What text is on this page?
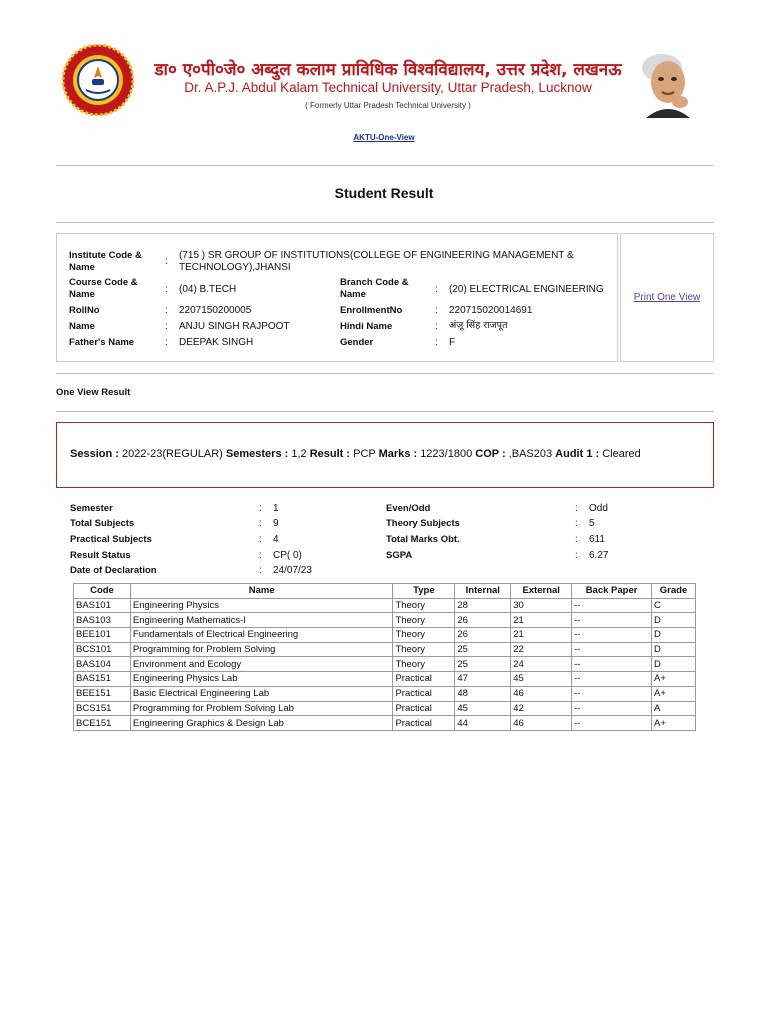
डा० ए०पी०जे० अब्दुल कलाम प्राविधिक विश्वविद्यालय, उत्तर प्रदेश, लखनऊ
Dr. A.P.J. Abdul Kalam Technical University, Uttar Pradesh, Lucknow
( Formerly Uttar Pradesh Technical University )
AKTU-One-View
Student Result
Institute Code & Name
:
(715 ) SR GROUP OF INSTITUTIONS(COLLEGE OF ENGINEERING MANAGEMENT & TECHNOLOGY),JHANSI
Course Code & Name	: (04) B.TECH
Branch Code & Name	: (20) ELECTRICAL ENGINEERING
RollNo	: 2207150200005	EnrollmentNo	: 220715020014691
Name	: ANJU SINGH RAJPOOT	Hindi Name	: अंजू सिंह राजपूत
Father's Name	: DEEPAK SINGH	Gender	: F
Print One View
One View Result
Session : 2022-23(REGULAR) Semesters : 1,2 Result : PCP Marks : 1223/1800 COP : ,BAS203 Audit 1 : Cleared
Semester	: 1	Even/Odd	: Odd
Total Subjects	: 9	Theory Subjects	: 5
Practical Subjects	: 4	Total Marks Obt.	: 611
Result Status	: CP( 0)	SGPA	: 6.27
Date of Declaration	: 24/07/23
Code	Name	Type	Internal	External	Back Paper	Grade
BAS101	Engineering Physics	Theory	28	30	--	C
BAS103	Engineering Mathematics-I	Theory	26	21	--	D
BEE101	Fundamentals of Electrical Engineering	Theory	26	21	--	D
BCS101	Programming for Problem Solving	Theory	25	22	--	D
BAS104	Environment and Ecology	Theory	25	24	--	D
BAS151	Engineering Physics Lab	Practical	47	45	--	A+
BEE151	Basic Electrical Engineering Lab	Practical	48	46	--	A+
BCS151	Programming for Problem Solving Lab	Practical	45	42	--	A
BCE151	Engineering Graphics & Design Lab	Practical	44	46	--	A+
